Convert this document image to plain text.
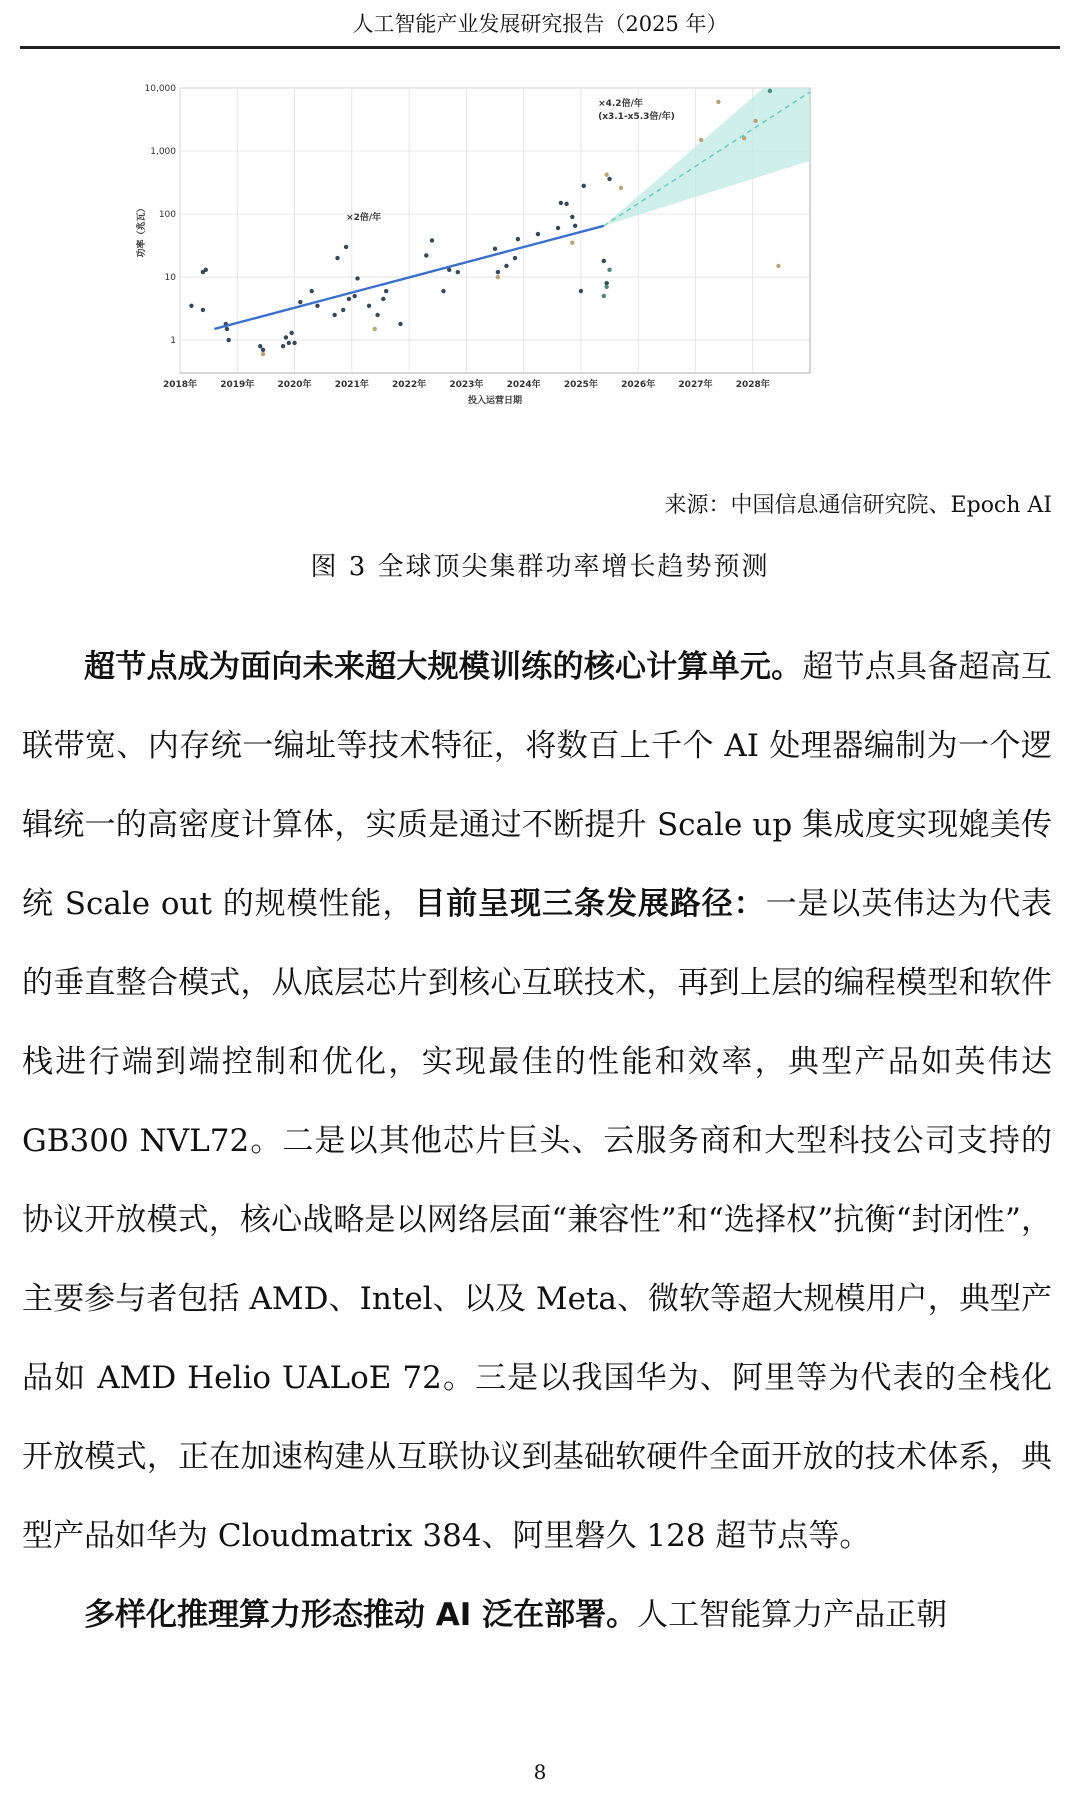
人工智能产业发展研究报告（2025 年）
1
10
100
1,000
10,000
2018年	2019年	2020年	2021年	2022年	2023年	2024年	2025年	2026年	2027年	2028年
投入运营日期
功率（兆瓦）	×2倍/年
×4.2倍/年
(x3.1-x5.3倍/年)
来源：中国信息通信研究院、Epoch AI
图 3 全球顶尖集群功率增长趋势预测

超节点成为面向未来超大规模训练的核心计算单元。超节点具备超高互联带宽、内存统一编址等技术特征，将数百上千个 AI 处理器编制为一个逻辑统一的高密度计算体，实质是通过不断提升 Scale up 集成度实现媲美传统 Scale out 的规模性能，目前呈现三条发展路径：一是以英伟达为代表的垂直整合模式，从底层芯片到核心互联技术，再到上层的编程模型和软件栈进行端到端控制和优化，实现最佳的性能和效率，典型产品如英伟达 GB300 NVL72。二是以其他芯片巨头、云服务商和大型科技公司支持的协议开放模式，核心战略是以网络层面“兼容性”和“选择权”抗衡“封闭性”，主要参与者包括 AMD、Intel、以及 Meta、微软等超大规模用户，典型产品如 AMD Helio UALoE 72。三是以我国华为、阿里等为代表的全栈化开放模式，正在加速构建从互联协议到基础软硬件全面开放的技术体系，典型产品如华为 Cloudmatrix 384、阿里磐久 128 超节点等。

多样化推理算力形态推动 AI 泛在部署。人工智能算力产品正朝

8
